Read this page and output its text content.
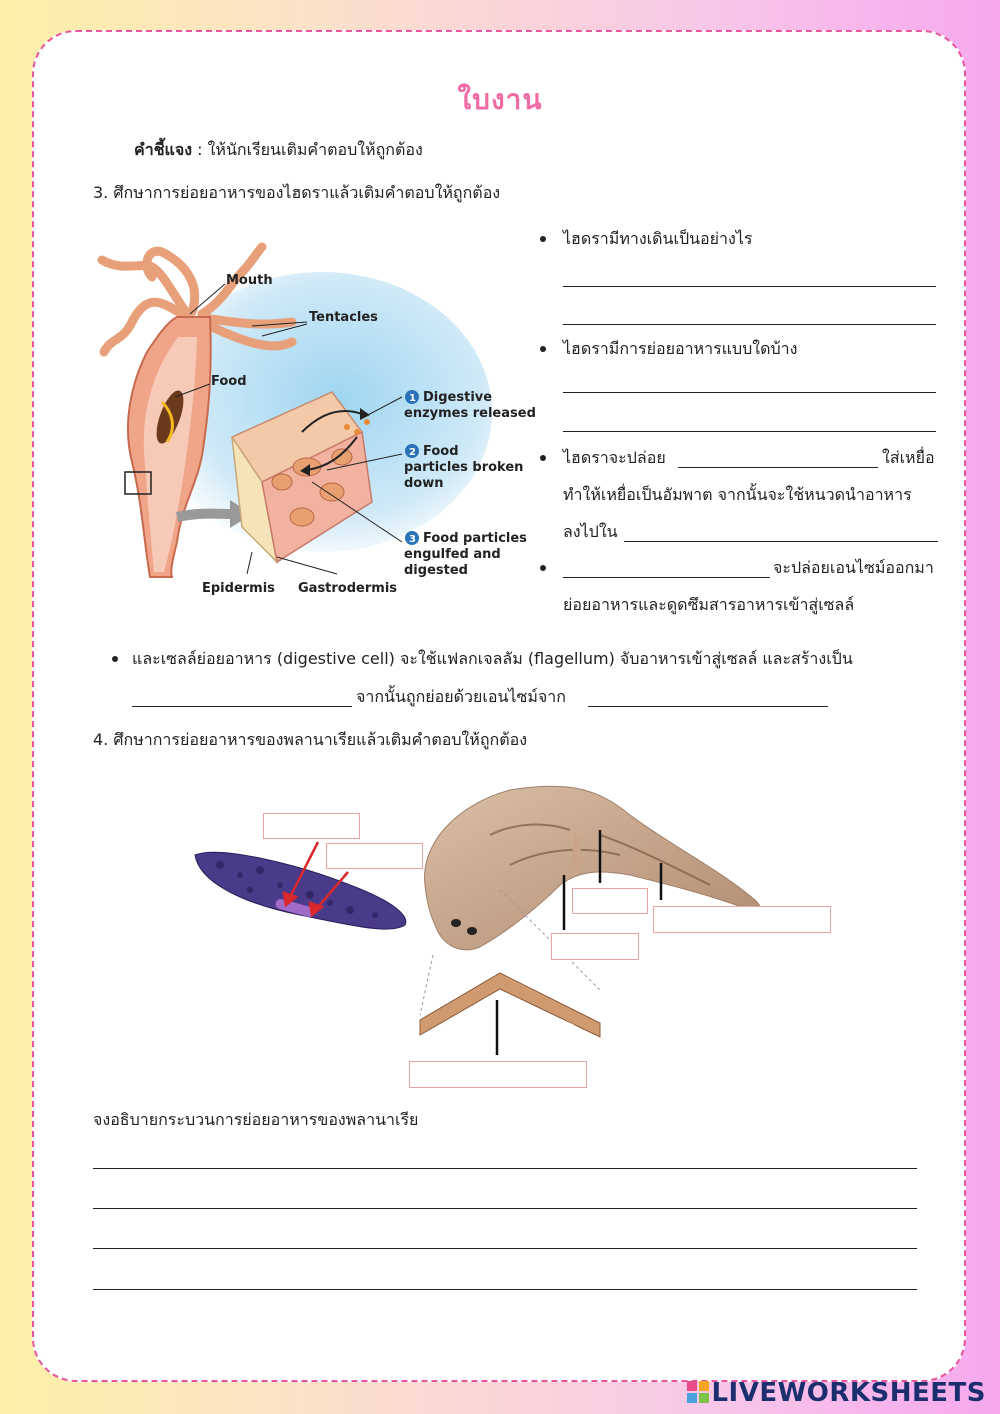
ใบงาน
คำชี้แจง : ให้นักเรียนเติมคำตอบให้ถูกต้อง
3. ศึกษาการย่อยอาหารของไฮดราแล้วเติมคำตอบให้ถูกต้อง
Mouth
Tentacles
Food
1 Digestive
enzymes released
2 Food
particles broken
down
3 Food particles
engulfed and
digested
Epidermis Gastrodermis
ไฮดรามีทางเดินเป็นอย่างไร
ไฮดรามีการย่อยอาหารแบบใดบ้าง
ไฮดราจะปล่อย	ใส่เหยื่อ
ทำให้เหยื่อเป็นอัมพาต จากนั้นจะใช้หนวดนำอาหาร
ลงไปใน
จะปล่อยเอนไซม์ออกมา
ย่อยอาหารและดูดซึมสารอาหารเข้าสู่เซลล์
และเซลล์ย่อยอาหาร (digestive cell) จะใช้แฟลกเจลลัม (flagellum) จับอาหารเข้าสู่เซลล์ และสร้างเป็น
จากนั้นถูกย่อยด้วยเอนไซม์จาก
4. ศึกษาการย่อยอาหารของพลานาเรียแล้วเติมคำตอบให้ถูกต้อง
จงอธิบายกระบวนการย่อยอาหารของพลานาเรีย
LIVEWORKSHEETS
